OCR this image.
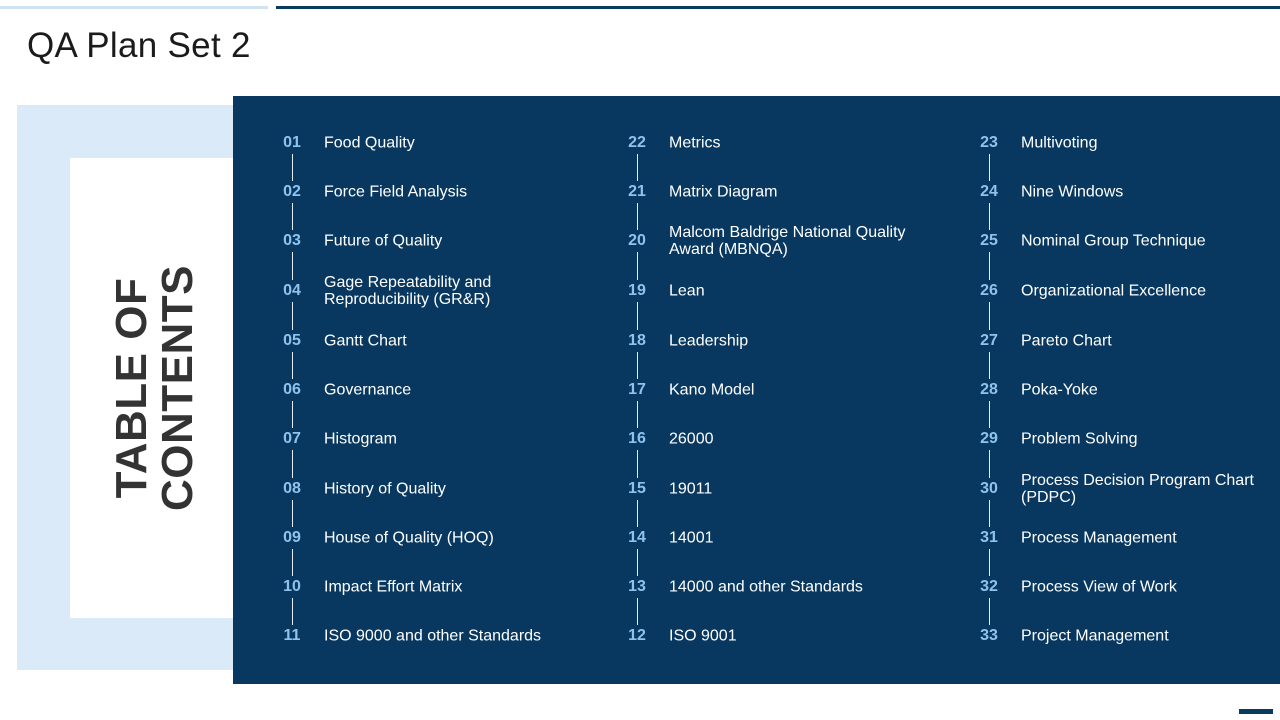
QA Plan Set 2
TABLE OF
CONTENTS
01	Food Quality
02	Force Field Analysis
03	Future of Quality
04	Gage Repeatability and Reproducibility (GR&R)
05	Gantt Chart
06	Governance
07	Histogram
08	History of Quality
09	House of Quality (HOQ)
10	Impact Effort Matrix
11	ISO 9000 and other Standards
22	Metrics
21	Matrix Diagram
20	Malcom Baldrige National Quality Award (MBNQA)
19	Lean
18	Leadership
17	Kano Model
16	26000
15	19011
14	14001
13	14000 and other Standards
12	ISO 9001
23	Multivoting
24	Nine Windows
25	Nominal Group Technique
26	Organizational Excellence
27	Pareto Chart
28	Poka-Yoke
29	Problem Solving
30	Process Decision Program Chart (PDPC)
31	Process Management
32	Process View of Work
33	Project Management
